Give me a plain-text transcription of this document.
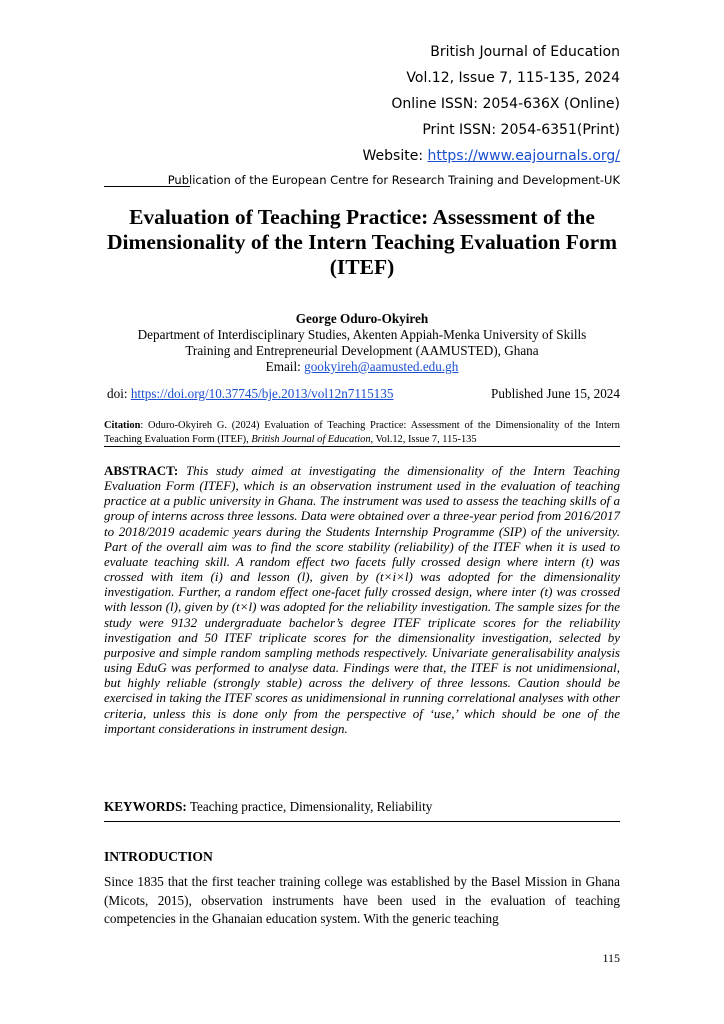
British Journal of Education
Vol.12, Issue 7, 115-135, 2024
Online ISSN: 2054-636X (Online)
Print ISSN: 2054-6351(Print)
Website: https://www.eajournals.org/
Publication of the European Centre for Research Training and Development-UK
Evaluation of Teaching Practice: Assessment of the Dimensionality of the Intern Teaching Evaluation Form (ITEF)
George Oduro-Okyireh
Department of Interdisciplinary Studies, Akenten Appiah-Menka University of Skills
Training and Entrepreneurial Development (AAMUSTED), Ghana
Email: gookyireh@aamusted.edu.gh
doi: https://doi.org/10.37745/bje.2013/vol12n7115135	Published June 15, 2024
Citation: Oduro-Okyireh G. (2024) Evaluation of Teaching Practice: Assessment of the Dimensionality of the Intern Teaching Evaluation Form (ITEF), British Journal of Education, Vol.12, Issue 7, 115-135
ABSTRACT: This study aimed at investigating the dimensionality of the Intern Teaching Evaluation Form (ITEF), which is an observation instrument used in the evaluation of teaching practice at a public university in Ghana. The instrument was used to assess the teaching skills of a group of interns across three lessons. Data were obtained over a three-year period from 2016/2017 to 2018/2019 academic years during the Students Internship Programme (SIP) of the university. Part of the overall aim was to find the score stability (reliability) of the ITEF when it is used to evaluate teaching skill. A random effect two facets fully crossed design where intern (t) was crossed with item (i) and lesson (l), given by (t×i×l) was adopted for the dimensionality investigation. Further, a random effect one-facet fully crossed design, where inter (t) was crossed with lesson (l), given by (t×l) was adopted for the reliability investigation. The sample sizes for the study were 9132 undergraduate bachelor’s degree ITEF triplicate scores for the reliability investigation and 50 ITEF triplicate scores for the dimensionality investigation, selected by purposive and simple random sampling methods respectively. Univariate generalisability analysis using EduG was performed to analyse data. Findings were that, the ITEF is not unidimensional, but highly reliable (strongly stable) across the delivery of three lessons. Caution should be exercised in taking the ITEF scores as unidimensional in running correlational analyses with other criteria, unless this is done only from the perspective of ‘use,’ which should be one of the important considerations in instrument design.
KEYWORDS: Teaching practice, Dimensionality, Reliability
INTRODUCTION
Since 1835 that the first teacher training college was established by the Basel Mission in Ghana (Micots, 2015), observation instruments have been used in the evaluation of teaching competencies in the Ghanaian education system. With the generic teaching
115
